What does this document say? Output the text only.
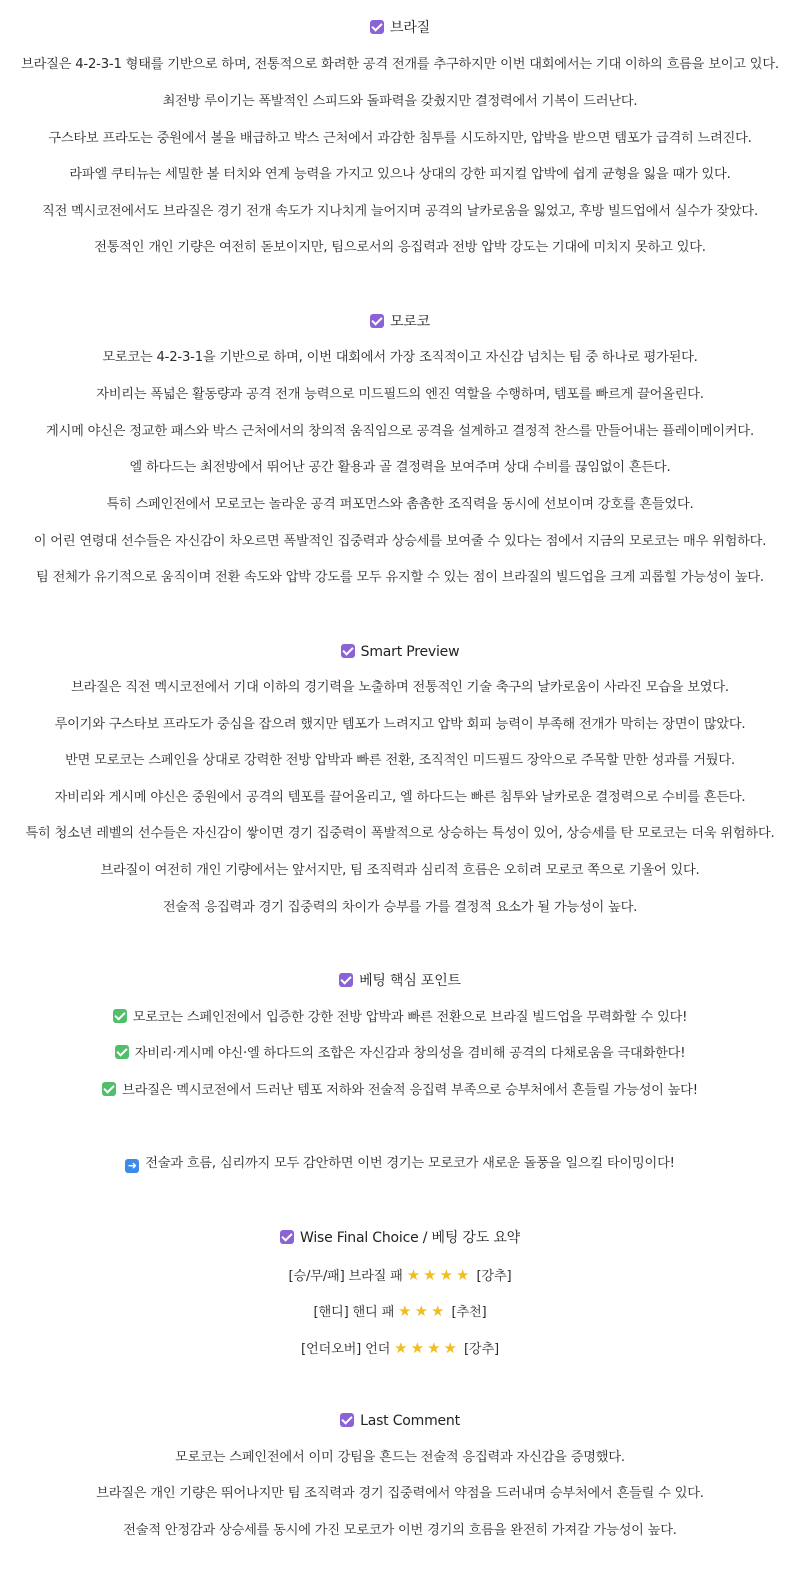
브라질
브라질은 4-2-3-1 형태를 기반으로 하며, 전통적으로 화려한 공격 전개를 추구하지만 이번 대회에서는 기대 이하의 흐름을 보이고 있다.
최전방 루이기는 폭발적인 스피드와 돌파력을 갖췄지만 결정력에서 기복이 드러난다.
구스타보 프라도는 중원에서 볼을 배급하고 박스 근처에서 과감한 침투를 시도하지만, 압박을 받으면 템포가 급격히 느려진다.
라파엘 쿠티뉴는 세밀한 볼 터치와 연계 능력을 가지고 있으나 상대의 강한 피지컬 압박에 쉽게 균형을 잃을 때가 있다.
직전 멕시코전에서도 브라질은 경기 전개 속도가 지나치게 늘어지며 공격의 날카로움을 잃었고, 후방 빌드업에서 실수가 잦았다.
전통적인 개인 기량은 여전히 돋보이지만, 팀으로서의 응집력과 전방 압박 강도는 기대에 미치지 못하고 있다.
모로코
모로코는 4-2-3-1을 기반으로 하며, 이번 대회에서 가장 조직적이고 자신감 넘치는 팀 중 하나로 평가된다.
자비리는 폭넓은 활동량과 공격 전개 능력으로 미드필드의 엔진 역할을 수행하며, 템포를 빠르게 끌어올린다.
게시메 야신은 정교한 패스와 박스 근처에서의 창의적 움직임으로 공격을 설계하고 결정적 찬스를 만들어내는 플레이메이커다.
엘 하다드는 최전방에서 뛰어난 공간 활용과 골 결정력을 보여주며 상대 수비를 끊임없이 흔든다.
특히 스페인전에서 모로코는 놀라운 공격 퍼포먼스와 촘촘한 조직력을 동시에 선보이며 강호를 흔들었다.
이 어린 연령대 선수들은 자신감이 차오르면 폭발적인 집중력과 상승세를 보여줄 수 있다는 점에서 지금의 모로코는 매우 위험하다.
팀 전체가 유기적으로 움직이며 전환 속도와 압박 강도를 모두 유지할 수 있는 점이 브라질의 빌드업을 크게 괴롭힐 가능성이 높다.
Smart Preview
브라질은 직전 멕시코전에서 기대 이하의 경기력을 노출하며 전통적인 기술 축구의 날카로움이 사라진 모습을 보였다.
루이기와 구스타보 프라도가 중심을 잡으려 했지만 템포가 느려지고 압박 회피 능력이 부족해 전개가 막히는 장면이 많았다.
반면 모로코는 스페인을 상대로 강력한 전방 압박과 빠른 전환, 조직적인 미드필드 장악으로 주목할 만한 성과를 거뒀다.
자비리와 게시메 야신은 중원에서 공격의 템포를 끌어올리고, 엘 하다드는 빠른 침투와 날카로운 결정력으로 수비를 흔든다.
특히 청소년 레벨의 선수들은 자신감이 쌓이면 경기 집중력이 폭발적으로 상승하는 특성이 있어, 상승세를 탄 모로코는 더욱 위험하다.
브라질이 여전히 개인 기량에서는 앞서지만, 팀 조직력과 심리적 흐름은 오히려 모로코 쪽으로 기울어 있다.
전술적 응집력과 경기 집중력의 차이가 승부를 가를 결정적 요소가 될 가능성이 높다.
베팅 핵심 포인트
모로코는 스페인전에서 입증한 강한 전방 압박과 빠른 전환으로 브라질 빌드업을 무력화할 수 있다!
자비리·게시메 야신·엘 하다드의 조합은 자신감과 창의성을 겸비해 공격의 다채로움을 극대화한다!
브라질은 멕시코전에서 드러난 템포 저하와 전술적 응집력 부족으로 승부처에서 흔들릴 가능성이 높다!
➜ 전술과 흐름, 심리까지 모두 감안하면 이번 경기는 모로코가 새로운 돌풍을 일으킬 타이밍이다!
Wise Final Choice / 베팅 강도 요약
[승/무/패] 브라질 패 ★★★★ [강추]
[핸디] 핸디 패 ★★★ [추천]
[언더오버] 언더 ★★★★ [강추]
Last Comment
모로코는 스페인전에서 이미 강팀을 흔드는 전술적 응집력과 자신감을 증명했다.
브라질은 개인 기량은 뛰어나지만 팀 조직력과 경기 집중력에서 약점을 드러내며 승부처에서 흔들릴 수 있다.
전술적 안정감과 상승세를 동시에 가진 모로코가 이번 경기의 흐름을 완전히 가져갈 가능성이 높다.
